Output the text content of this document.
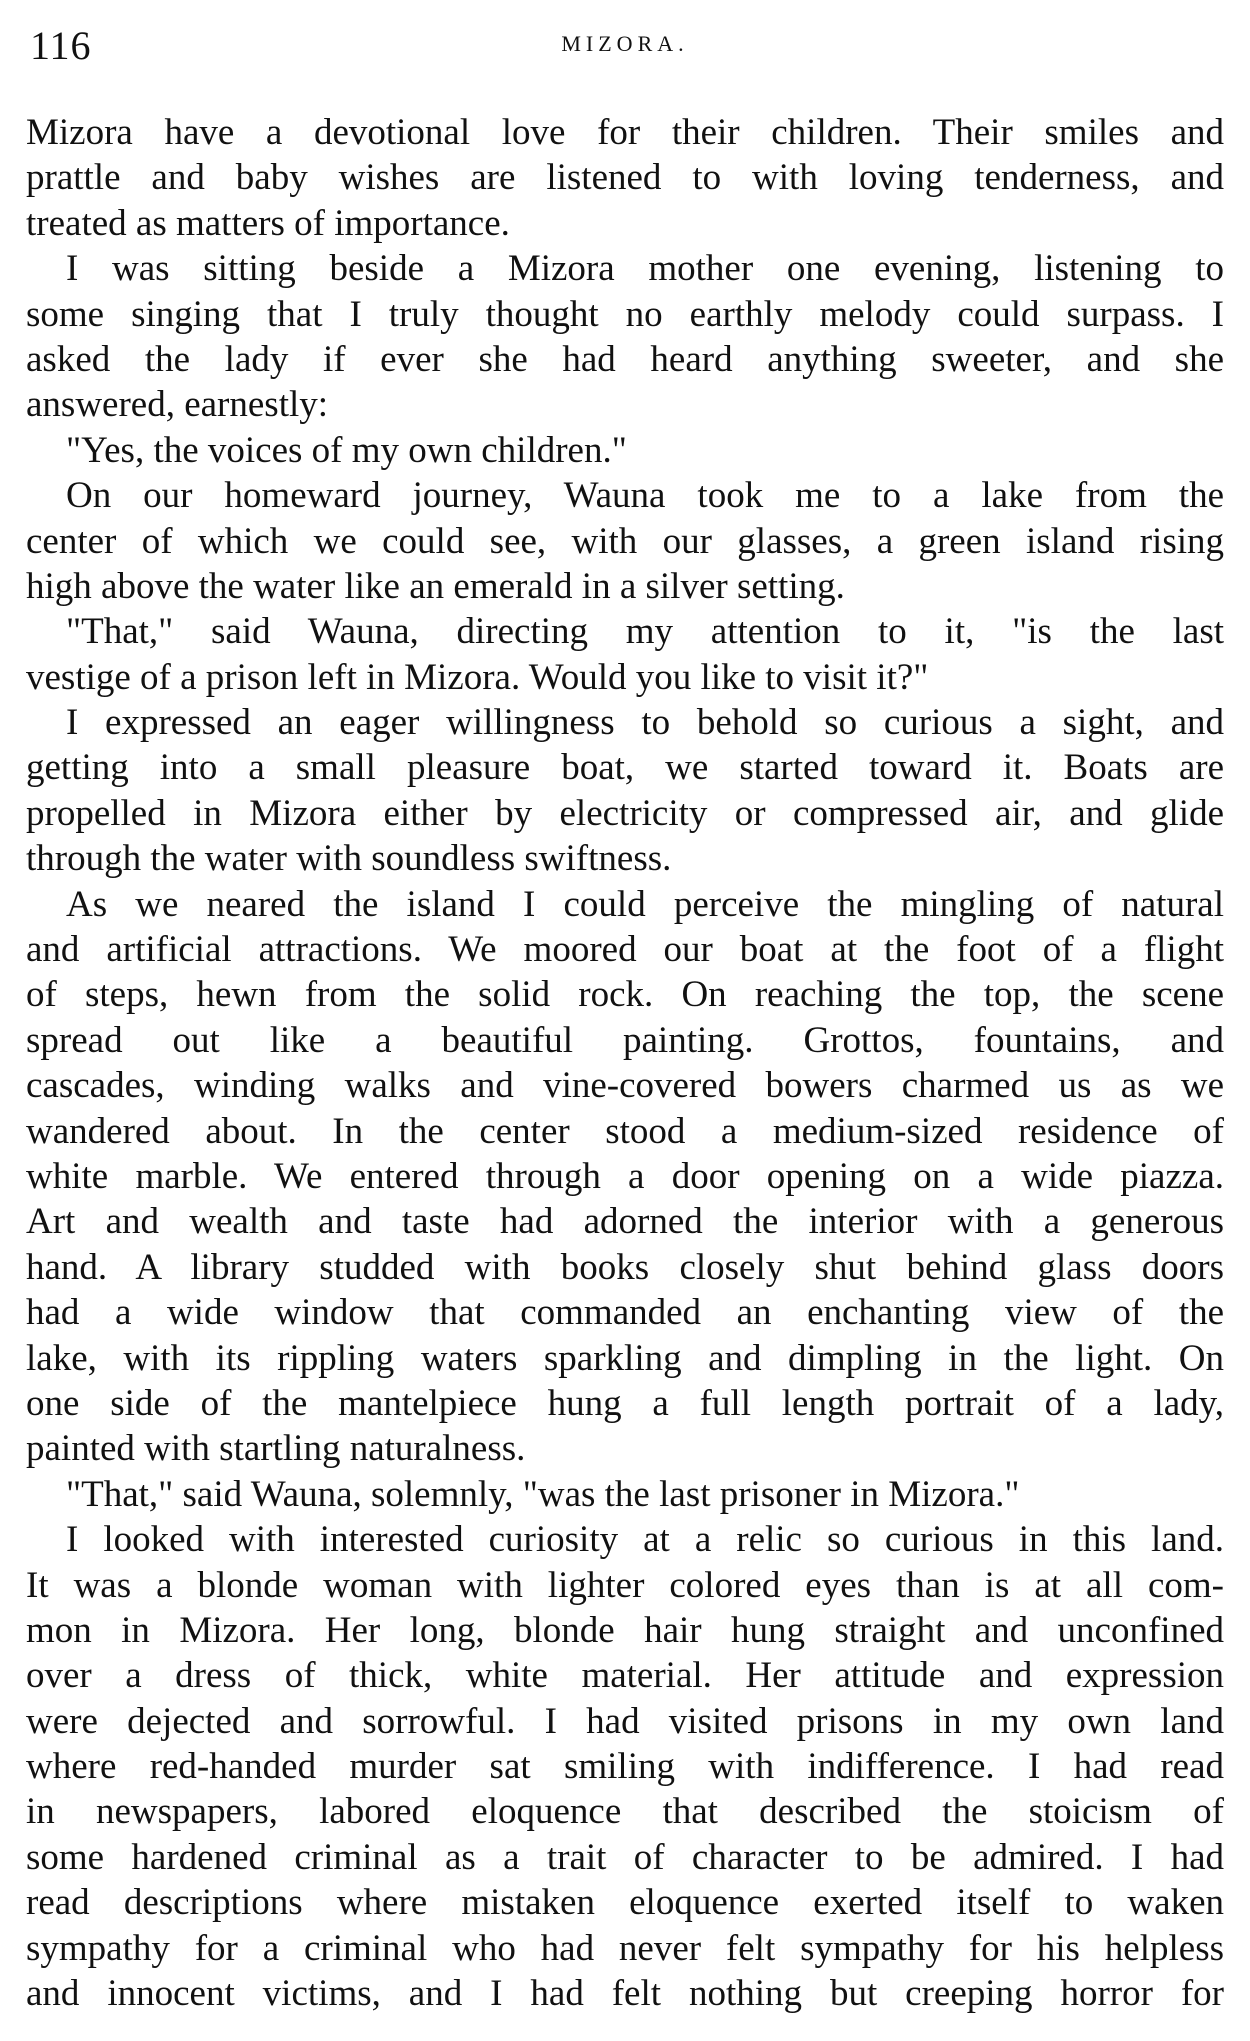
116	MIZORA.
Mizora have a devotional love for their children. Their smiles and
prattle and baby wishes are listened to with loving tenderness, and
treated as matters of importance.
I was sitting beside a Mizora mother one evening, listening to
some singing that I truly thought no earthly melody could surpass. I
asked the lady if ever she had heard anything sweeter, and she
answered, earnestly:
"Yes, the voices of my own children."
On our homeward journey, Wauna took me to a lake from the
center of which we could see, with our glasses, a green island rising
high above the water like an emerald in a silver setting.
"That," said Wauna, directing my attention to it, "is the last
vestige of a prison left in Mizora. Would you like to visit it?"
I expressed an eager willingness to behold so curious a sight, and
getting into a small pleasure boat, we started toward it. Boats are
propelled in Mizora either by electricity or compressed air, and glide
through the water with soundless swiftness.
As we neared the island I could perceive the mingling of natural
and artificial attractions. We moored our boat at the foot of a flight
of steps, hewn from the solid rock. On reaching the top, the scene
spread out like a beautiful painting. Grottos, fountains, and
cascades, winding walks and vine-covered bowers charmed us as we
wandered about. In the center stood a medium-sized residence of
white marble. We entered through a door opening on a wide piazza.
Art and wealth and taste had adorned the interior with a generous
hand. A library studded with books closely shut behind glass doors
had a wide window that commanded an enchanting view of the
lake, with its rippling waters sparkling and dimpling in the light. On
one side of the mantelpiece hung a full length portrait of a lady,
painted with startling naturalness.
"That," said Wauna, solemnly, "was the last prisoner in Mizora."
I looked with interested curiosity at a relic so curious in this land.
It was a blonde woman with lighter colored eyes than is at all com-
mon in Mizora. Her long, blonde hair hung straight and unconfined
over a dress of thick, white material. Her attitude and expression
were dejected and sorrowful. I had visited prisons in my own land
where red-handed murder sat smiling with indifference. I had read
in newspapers, labored eloquence that described the stoicism of
some hardened criminal as a trait of character to be admired. I had
read descriptions where mistaken eloquence exerted itself to waken
sympathy for a criminal who had never felt sympathy for his helpless
and innocent victims, and I had felt nothing but creeping horror for
